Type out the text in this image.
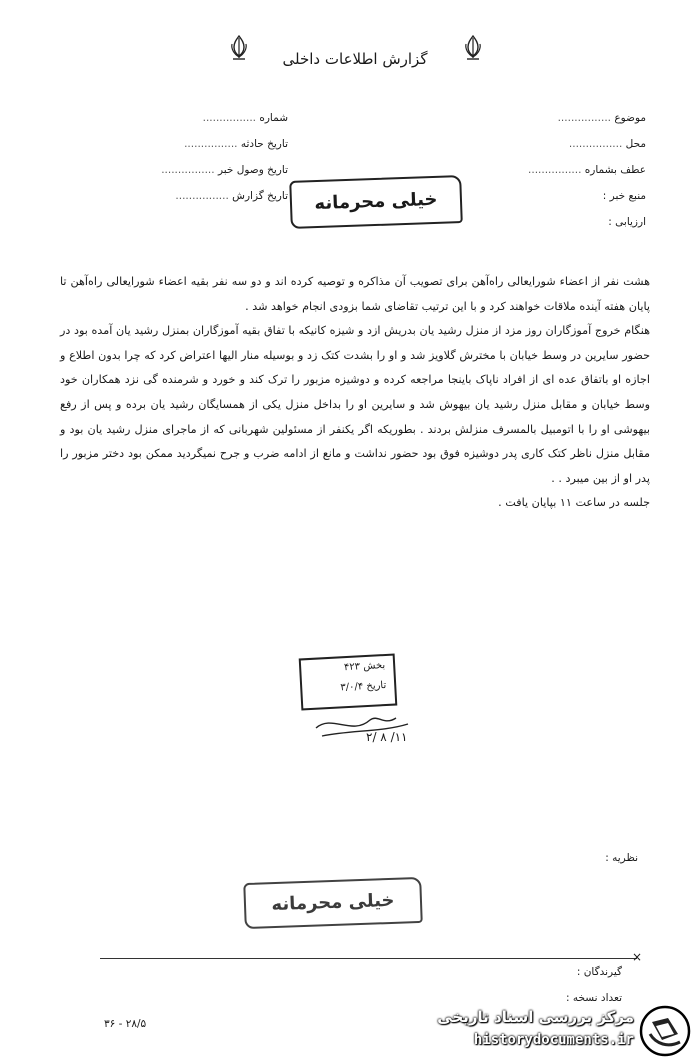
گزارش اطلاعات داخلی
موضوع ................
محل ................
عطف بشماره ................
منبع خبر :
ارزیابی :
شماره ................
تاریخ حادثه ................
تاریخ وصول خبر ................
تاریخ گزارش ................	خیلی محرمانه

هشت نفر از اعضاء شورایعالی راه‌آهن برای تصویب آن مذاکره و توصیه کرده اند و دو سه نفر بقیه اعضاء شورایعالی راه‌آهن تا پایان هفته آینده ملاقات خواهند کرد و با این ترتیب تقاضای شما بزودی انجام خواهد شد .

هنگام خروج آموزگاران روز مزد از منزل رشید یان بدریش ازد و شیزه کانیکه با تفاق بقیه آموزگاران بمنزل رشید یان آمده بود در حضور سایرین در وسط خیابان با مخترش گلاویز شد و او را بشدت کتک زد و بوسیله منار الیها اعتراض کرد که چرا بدون اطلاع و اجازه او باتفاق عده ای از افراد ناپاک باینجا مراجعه کرده و دوشیزه مزبور را ترک کند و خورد و شرمنده گی نزد همکاران خود وسط خیابان و مقابل منزل رشید یان بیهوش شد و سایرین او را بداخل منزل یکی از همسایگان رشید یان برده و پس از رفع بیهوشی او را با اتومبیل بالمسرف منزلش بردند . بطوریکه اگر یکنفر از مسئولین شهربانی که از ماجرای منزل رشید یان بود و مقابل منزل ناظر کتک کاری پدر دوشیزه فوق بود حضور نداشت و مانع از ادامه ضرب و جرح نمیگردید ممکن بود دختر مزبور را پدر او از بین میبرد . .

جلسه در ساعت ۱۱ بپایان یافت .

بخش ۴۲۳
تاریخ ۳/۰/۴
۲/ ۸ /۱۱
نظریه :
خیلی محرمانه
×
گیرندگان :
تعداد نسخه :
۳۶ - ۲۸/۵	مرکز بررسی اسناد تاریخی
historydocuments.ir
